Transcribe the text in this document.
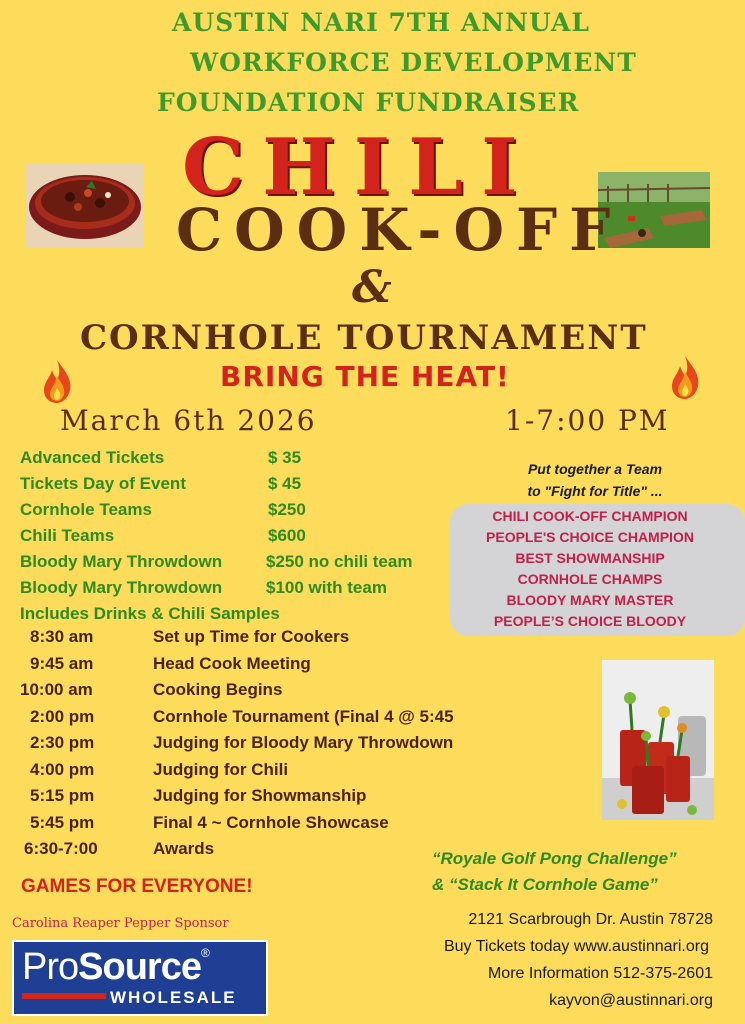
AUSTIN NARI 7TH ANNUAL
WORKFORCE DEVELOPMENT
FOUNDATION FUNDRAISER
CHILI
COOK-OFF
&
CORNHOLE TOURNAMENT
BRING THE HEAT!
March 6th 2026	1-7:00 PM
Advanced Tickets	$ 35
Tickets Day of Event	$ 45
Cornhole Teams	$250
Chili Teams	$600
Bloody Mary Throwdown	$250 no chili team
Bloody Mary Throwdown	$100 with team
Includes Drinks & Chili Samples
8:30 am	Set up Time for Cookers
9:45 am	Head Cook Meeting
10:00 am	Cooking Begins
2:00 pm	Cornhole Tournament (Final 4 @ 5:45
2:30 pm	Judging for Bloody Mary Throwdown
4:00 pm	Judging for Chili
5:15 pm	Judging for Showmanship
5:45 pm	Final 4 ~ Cornhole Showcase
6:30-7:00	Awards
Put together a Team
to "Fight for Title" ...
CHILI COOK-OFF CHAMPION
PEOPLE'S CHOICE CHAMPION
BEST SHOWMANSHIP
CORNHOLE CHAMPS
BLOODY MARY MASTER
PEOPLE’S CHOICE BLOODY
GAMES FOR EVERYONE!
“Royale Golf Pong Challenge”
& “Stack It Cornhole Game”
Carolina Reaper Pepper Sponsor
ProSource®
WHOLESALE
2121 Scarbrough Dr. Austin 78728
Buy Tickets today www.austinnari.org
More Information 512-375-2601
kayvon@austinnari.org
